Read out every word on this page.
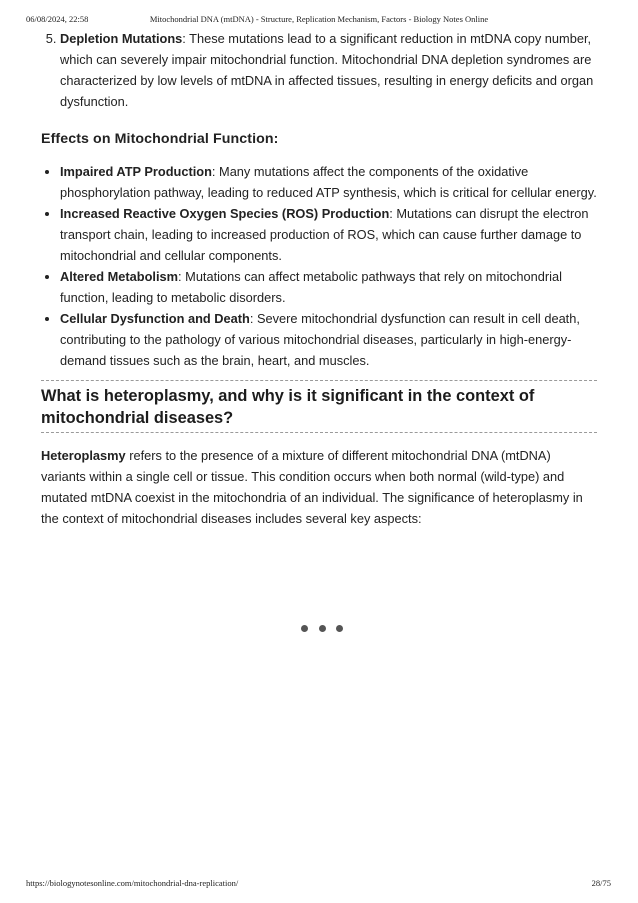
06/08/2024, 22:58	Mitochondrial DNA (mtDNA) - Structure, Replication Mechanism, Factors - Biology Notes Online
5. Depletion Mutations: These mutations lead to a significant reduction in mtDNA copy number, which can severely impair mitochondrial function. Mitochondrial DNA depletion syndromes are characterized by low levels of mtDNA in affected tissues, resulting in energy deficits and organ dysfunction.
Effects on Mitochondrial Function:
• Impaired ATP Production: Many mutations affect the components of the oxidative phosphorylation pathway, leading to reduced ATP synthesis, which is critical for cellular energy.
• Increased Reactive Oxygen Species (ROS) Production: Mutations can disrupt the electron transport chain, leading to increased production of ROS, which can cause further damage to mitochondrial and cellular components.
• Altered Metabolism: Mutations can affect metabolic pathways that rely on mitochondrial function, leading to metabolic disorders.
• Cellular Dysfunction and Death: Severe mitochondrial dysfunction can result in cell death, contributing to the pathology of various mitochondrial diseases, particularly in high-energy-demand tissues such as the brain, heart, and muscles.
What is heteroplasmy, and why is it significant in the context of mitochondrial diseases?

Heteroplasmy refers to the presence of a mixture of different mitochondrial DNA (mtDNA) variants within a single cell or tissue. This condition occurs when both normal (wild-type) and mutated mtDNA coexist in the mitochondria of an individual. The significance of heteroplasmy in the context of mitochondrial diseases includes several key aspects:

https://biologynotesonline.com/mitochondrial-dna-replication/	28/75
